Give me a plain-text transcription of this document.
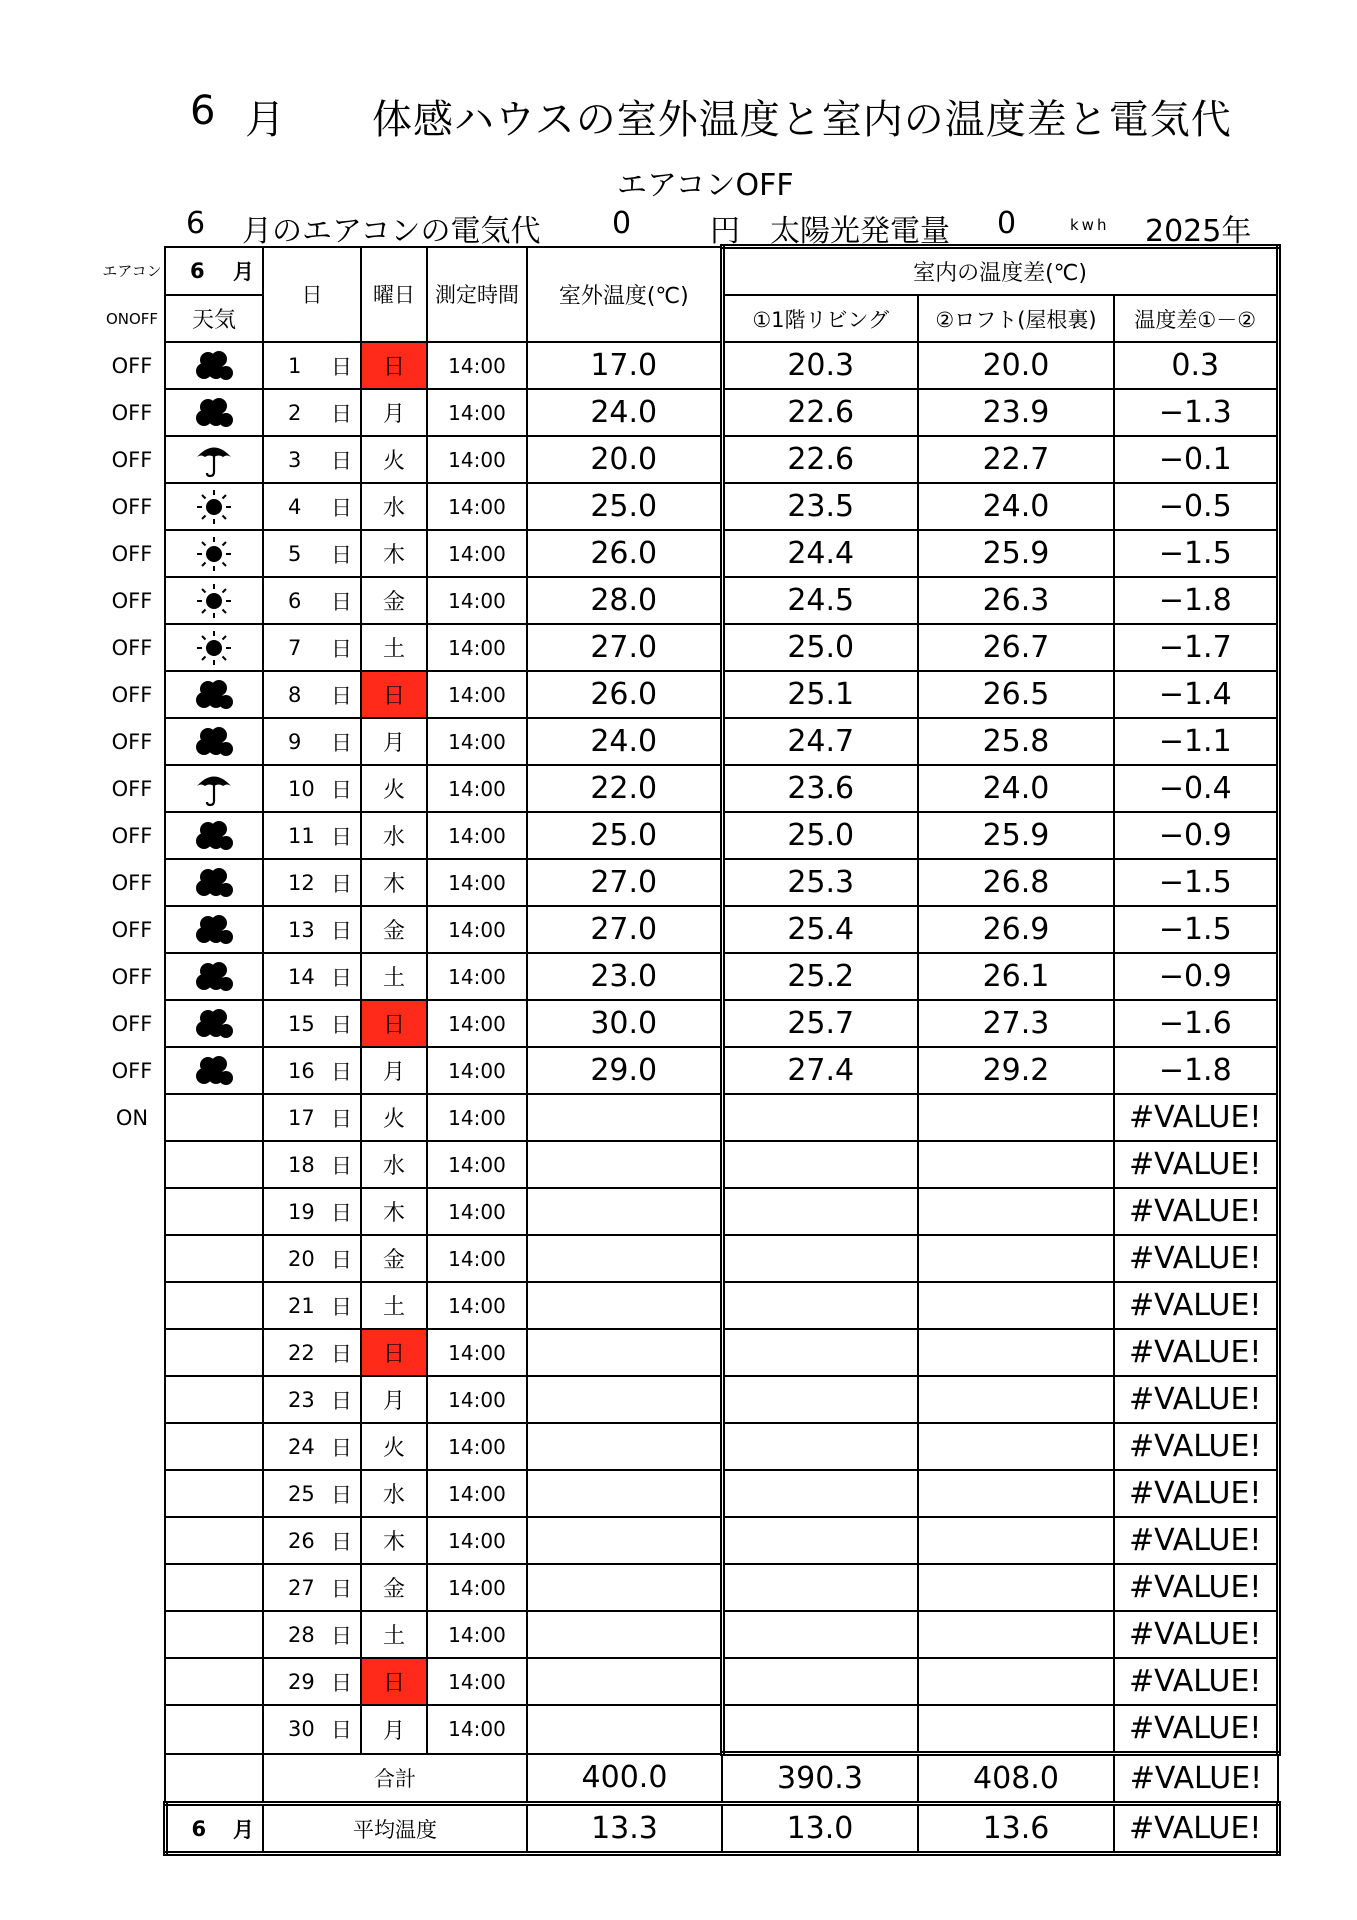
6 月 体感ハウスの室外温度と室内の温度差と電気代
エアコンOFF
6 月のエアコンの電気代 0	円 太陽光発電量 0	kwh 2025年
エアコン	6 月	日	曜日	測定時間	室外温度(℃)	室内の温度差(℃)		
ONOFF	天気					①1階リビング	②ロフト(屋根裏)	温度差①－②
OFF		1 日	日	14:00	17.0	20.3	20.0	0.3
OFF		2 日	月	14:00	24.0	22.6	23.9	−1.3
OFF		3 日	火	14:00	20.0	22.6	22.7	−0.1
OFF		4 日	水	14:00	25.0	23.5	24.0	−0.5
OFF		5 日	木	14:00	26.0	24.4	25.9	−1.5
OFF		6 日	金	14:00	28.0	24.5	26.3	−1.8
OFF		7 日	土	14:00	27.0	25.0	26.7	−1.7
OFF		8 日	日	14:00	26.0	25.1	26.5	−1.4
OFF		9 日	月	14:00	24.0	24.7	25.8	−1.1
OFF		10 日	火	14:00	22.0	23.6	24.0	−0.4
OFF		11 日	水	14:00	25.0	25.0	25.9	−0.9
OFF		12 日	木	14:00	27.0	25.3	26.8	−1.5
OFF		13 日	金	14:00	27.0	25.4	26.9	−1.5
OFF		14 日	土	14:00	23.0	25.2	26.1	−0.9
OFF		15 日	日	14:00	30.0	25.7	27.3	−1.6
OFF		16 日	月	14:00	29.0	27.4	29.2	−1.8
ON		17 日	火	14:00				#VALUE!

		18 日	水	14:00				#VALUE!

		19 日	木	14:00				#VALUE!

		20 日	金	14:00				#VALUE!

		21 日	土	14:00				#VALUE!

		22 日	日	14:00				#VALUE!

		23 日	月	14:00				#VALUE!

		24 日	火	14:00				#VALUE!

		25 日	水	14:00				#VALUE!

		26 日	木	14:00				#VALUE!

		27 日	金	14:00				#VALUE!

		28 日	土	14:00				#VALUE!

		29 日	日	14:00				#VALUE!

		30 日	月	14:00				#VALUE!
		合計			400.0	390.3	408.0	#VALUE!

	6 月	平均温度			13.3	13.0	13.6	#VALUE!
